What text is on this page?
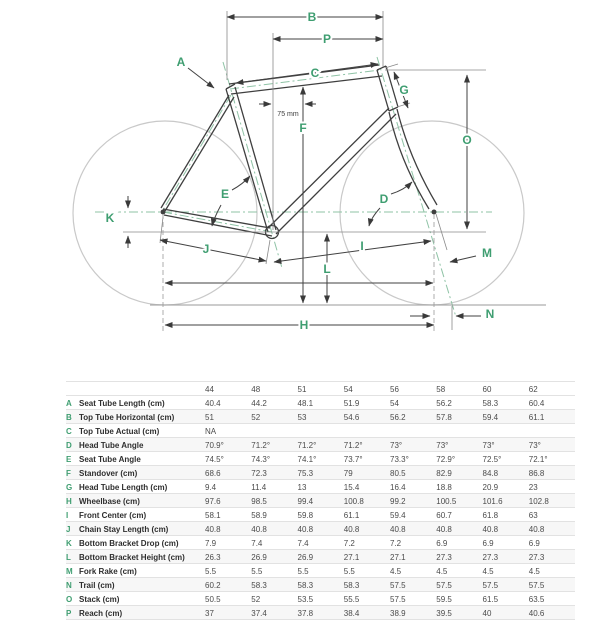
A
B
C
D
E
F
G
H
I
J
K
L
M
N
O
P
75 mm
	44	48	51	54	56	58	60	62
A Seat Tube Length (cm)	40.4	44.2	48.1	51.9	54	56.2	58.3	60.4
B Top Tube Horizontal (cm)	51	52	53	54.6	56.2	57.8	59.4	61.1
C Top Tube Actual (cm)	NA							
D Head Tube Angle	70.9°	71.2°	71.2°	71.2°	73°	73°	73°	73°
E Seat Tube Angle	74.5°	74.3°	74.1°	73.7°	73.3°	72.9°	72.5°	72.1°
F Standover (cm)	68.6	72.3	75.3	79	80.5	82.9	84.8	86.8
G Head Tube Length (cm)	9.4	11.4	13	15.4	16.4	18.8	20.9	23
H Wheelbase (cm)	97.6	98.5	99.4	100.8	99.2	100.5	101.6	102.8
I Front Center (cm)	58.1	58.9	59.8	61.1	59.4	60.7	61.8	63
J Chain Stay Length (cm)	40.8	40.8	40.8	40.8	40.8	40.8	40.8	40.8
K Bottom Bracket Drop (cm)	7.9	7.4	7.4	7.2	7.2	6.9	6.9	6.9
L Bottom Bracket Height (cm)	26.3	26.9	26.9	27.1	27.1	27.3	27.3	27.3
M Fork Rake (cm)	5.5	5.5	5.5	5.5	4.5	4.5	4.5	4.5
N Trail (cm)	60.2	58.3	58.3	58.3	57.5	57.5	57.5	57.5
O Stack (cm)	50.5	52	53.5	55.5	57.5	59.5	61.5	63.5
P Reach (cm)	37	37.4	37.8	38.4	38.9	39.5	40	40.6
